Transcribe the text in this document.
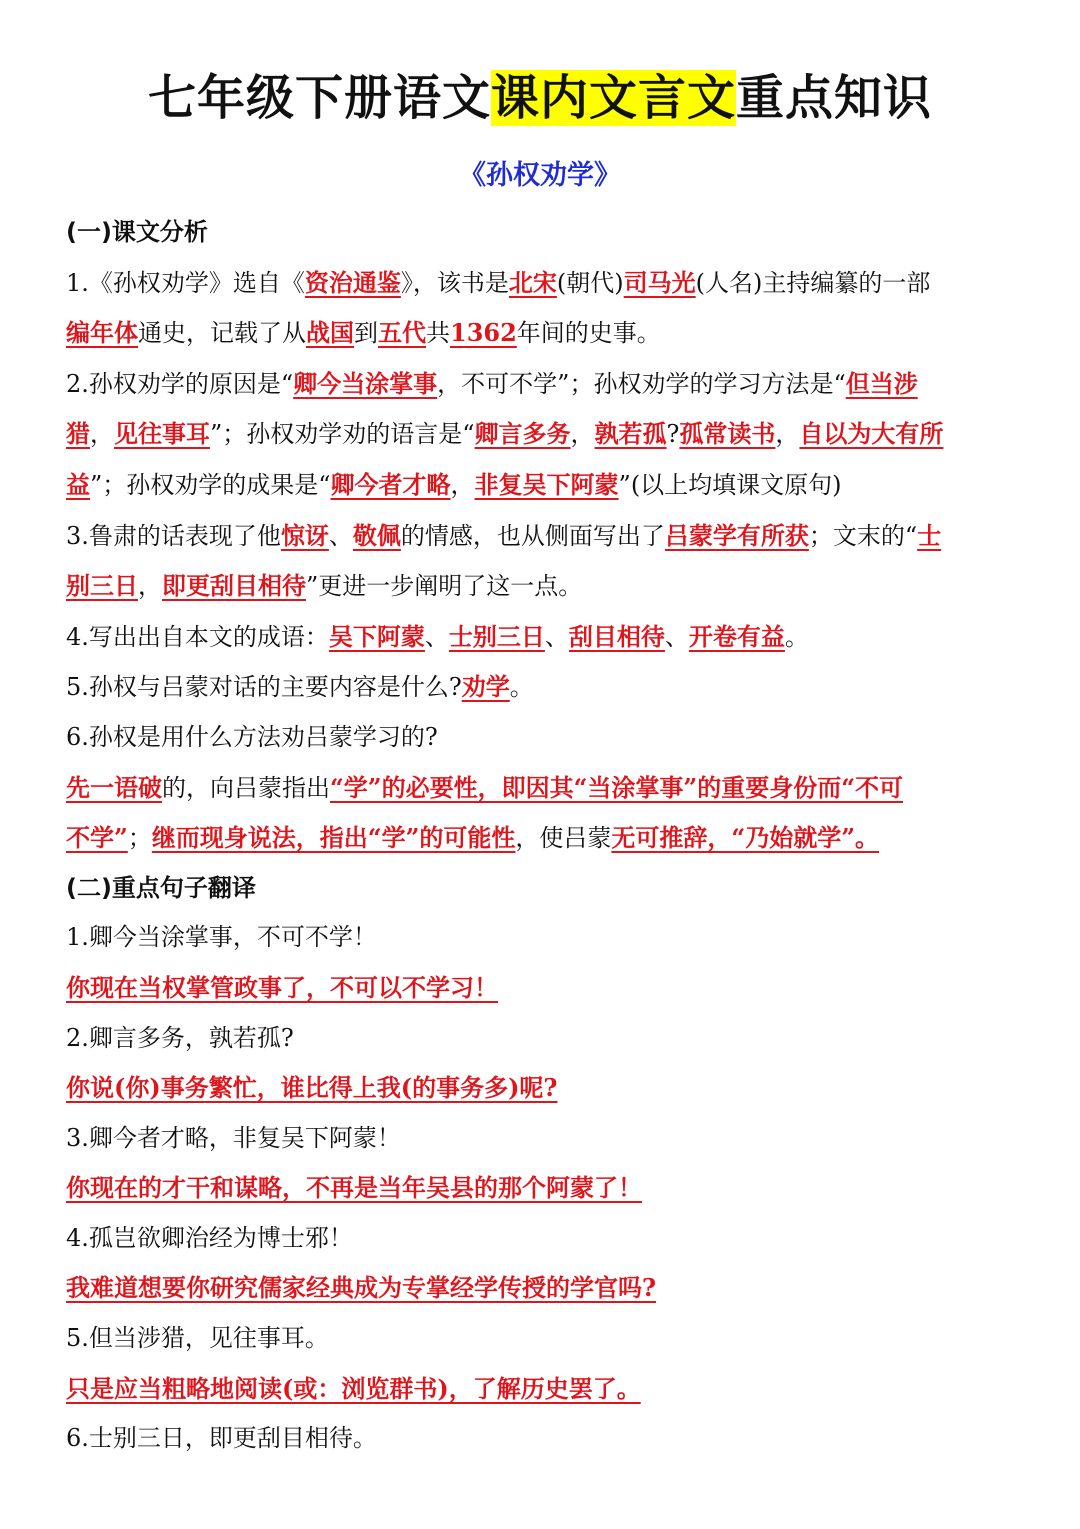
七年级下册语文课内文言文重点知识
《孙权劝学》

(一)课文分析

1.《孙权劝学》选自《资治通鉴》，该书是北宋(朝代)司马光(人名)主持编纂的一部

编年体通史，记载了从战国到五代共1362年间的史事。

2.孙权劝学的原因是“卿今当涂掌事，不可不学”；孙权劝学的学习方法是“但当涉

猎，见往事耳”；孙权劝学劝的语言是“卿言多务，孰若孤?孤常读书，自以为大有所

益”；孙权劝学的成果是“卿今者才略，非复吴下阿蒙”(以上均填课文原句)

3.鲁肃的话表现了他惊讶、敬佩的情感，也从侧面写出了吕蒙学有所获；文末的“士

别三日，即更刮目相待”更进一步阐明了这一点。

4.写出出自本文的成语：吴下阿蒙、士别三日、刮目相待、开卷有益。

5.孙权与吕蒙对话的主要内容是什么?劝学。

6.孙权是用什么方法劝吕蒙学习的?

先一语破的，向吕蒙指出“学”的必要性，即因其“当涂掌事”的重要身份而“不可

不学”；继而现身说法，指出“学”的可能性，使吕蒙无可推辞，“乃始就学”。

(二)重点句子翻译

1.卿今当涂掌事，不可不学！

你现在当权掌管政事了，不可以不学习！

2.卿言多务，孰若孤?

你说(你)事务繁忙，谁比得上我(的事务多)呢?

3.卿今者才略，非复吴下阿蒙！

你现在的才干和谋略，不再是当年吴县的那个阿蒙了！

4.孤岂欲卿治经为博士邪！

我难道想要你研究儒家经典成为专掌经学传授的学官吗?

5.但当涉猎，见往事耳。

只是应当粗略地阅读(或：浏览群书)，了解历史罢了。

6.士别三日，即更刮目相待。
